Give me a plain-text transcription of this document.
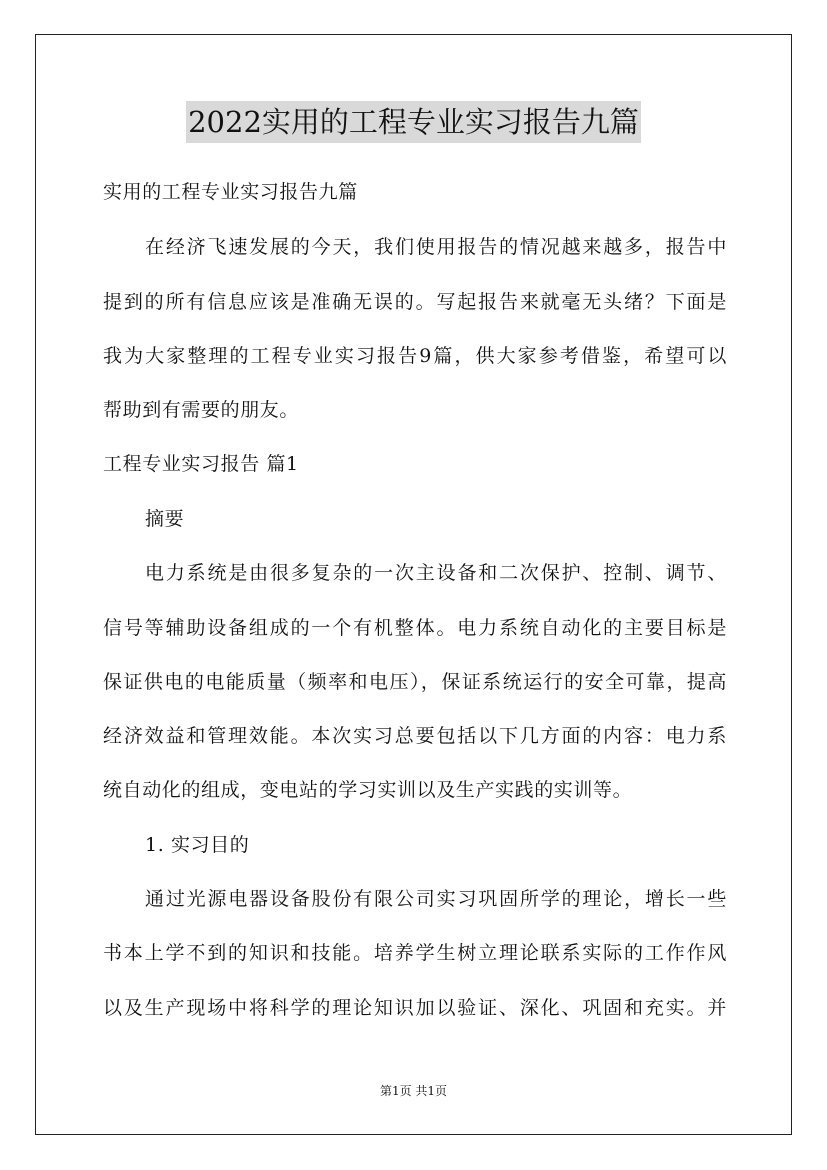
2022实用的工程专业实习报告九篇
实用的工程专业实习报告九篇
在经济飞速发展的今天，我们使用报告的情况越来越多，报告中
提到的所有信息应该是准确无误的。写起报告来就毫无头绪？下面是
我为大家整理的工程专业实习报告9篇，供大家参考借鉴，希望可以
帮助到有需要的朋友。
工程专业实习报告 篇1
摘要
电力系统是由很多复杂的一次主设备和二次保护、控制、调节、
信号等辅助设备组成的一个有机整体。电力系统自动化的主要目标是
保证供电的电能质量（频率和电压），保证系统运行的安全可靠，提高
经济效益和管理效能。本次实习总要包括以下几方面的内容：电力系
统自动化的组成，变电站的学习实训以及生产实践的实训等。
1. 实习目的
通过光源电器设备股份有限公司实习巩固所学的理论，增长一些
书本上学不到的知识和技能。培养学生树立理论联系实际的工作作风
以及生产现场中将科学的理论知识加以验证、深化、巩固和充实。并
第1页 共1页
